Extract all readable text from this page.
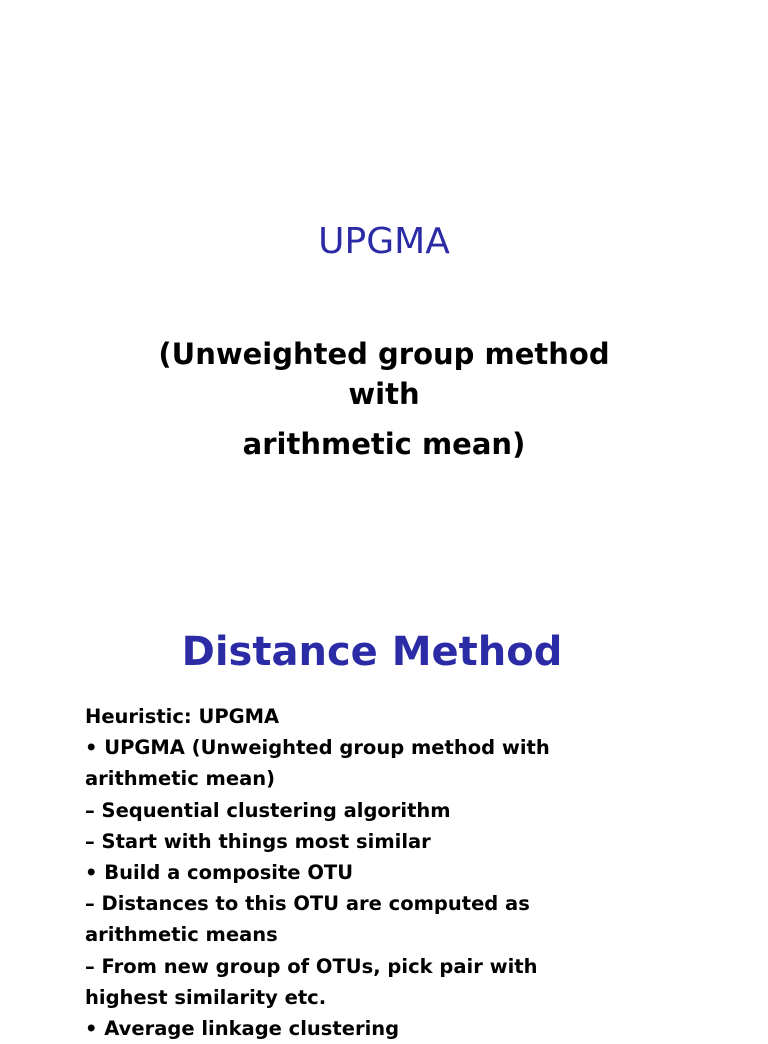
UPGMA
(Unweighted group method
with
arithmetic mean)
Distance Method
Heuristic: UPGMA
• UPGMA (Unweighted group method with
arithmetic mean)
– Sequential clustering algorithm
– Start with things most similar
• Build a composite OTU
– Distances to this OTU are computed as
arithmetic means
– From new group of OTUs, pick pair with
highest similarity etc.
• Average linkage clustering
